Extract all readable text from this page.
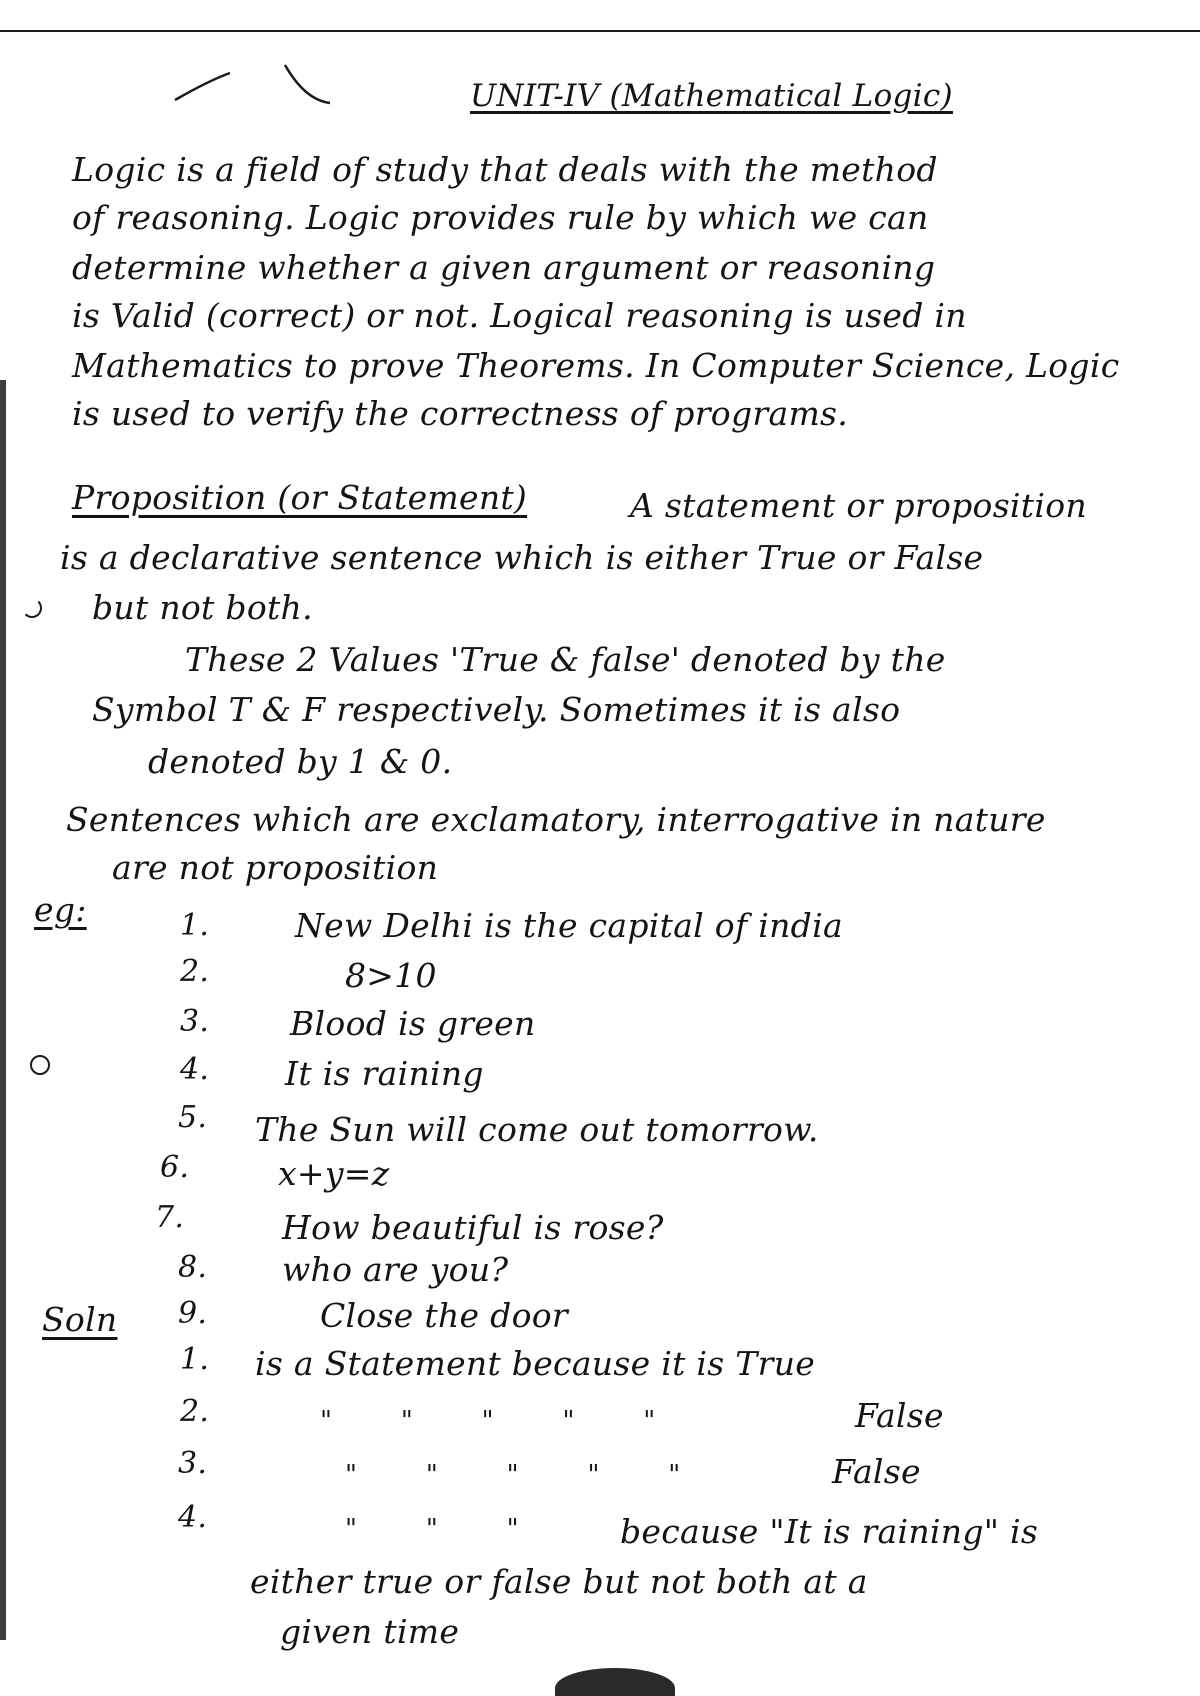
UNIT-IV (Mathematical Logic)
Logic is a field of study that deals with the method
of reasoning. Logic provides rule by which we can
determine whether a given argument or reasoning
is Valid (correct) or not. Logical reasoning is used in
Mathematics to prove Theorems. In Computer Science, Logic
is used to verify the correctness of programs.
Proposition (or Statement)	A statement or proposition
is a declarative sentence which is either True or False
but not both.
These 2 Values 'True & false' denoted by the
Symbol T & F respectively. Sometimes it is also
denoted by 1 & 0.
Sentences which are exclamatory, interrogative in nature
are not proposition
eg:	1.	New Delhi is the capital of india
2.	8>10
3. Blood is green
4. It is raining
5. The Sun will come out tomorrow.
6.	x+y=z
7.	How beautiful is rose?
8. who are you?
Soln 9.	Close the door
1. is a Statement because it is True
2.	" " " " "	False
3.	" " " " "	False
4.	" " "	because "It is raining" is
either true or false but not both at a
given time
